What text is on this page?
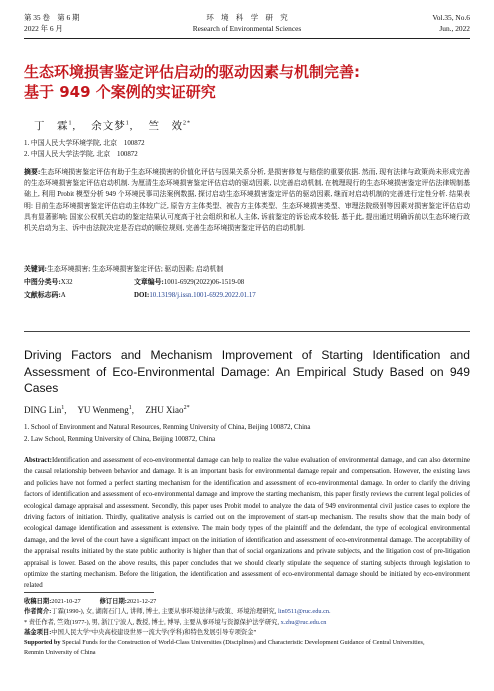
第 35 卷　第 6 期
2022 年 6 月
环　境　科　学　研　究
Research of Environmental Sciences
Vol.35, No.6
Jun., 2022
生态环境损害鉴定评估启动的驱动因素与机制完善:
基于 949 个案例的实证研究
丁　霖$^1$,　 余文梦$^1$,　 竺　效$^{2*}$
1. 中国人民大学环境学院, 北京　100872
2. 中国人民大学法学院, 北京　100872
摘要:生态环境损害鉴定评估有助于生态环境损害的价值化评估与因果关系分析, 是损害修复与赔偿的重要依据. 然而, 现有法律与政策尚未形成完善的生态环境损害鉴定评估启动机制. 为厘清生态环境损害鉴定评估启动的驱动因素, 以完善启动机制, 在梳理现行的生态环境损害鉴定评估法律规制基础上, 利用 Probit 模型分析 949 个环境民事司法案例数据, 探讨启动生态环境损害鉴定评估的驱动因素, 继而对启动机制的完善进行定性分析. 结果表明: 目前生态环境损害鉴定评估启动主体较广泛, 原告方主体类型、被告方主体类型、生态环境损害类型、审理法院级别等因素对损害鉴定评估启动具有显著影响; 国家公权机关启动的鉴定结果认可度高于社会组织和私人主体, 诉前鉴定的诉讼成本较低. 基于此, 提出通过明确诉前以生态环境行政机关启动为主、诉中由法院决定是否启动的顺位规则, 完善生态环境损害鉴定评估的启动机制.
关键词:生态环境损害; 生态环境损害鉴定评估; 驱动因素; 启动机制
中图分类号:X32	文章编号:1001-6929(2022)06-1519-08
文献标志码:A	DOI:10.13198/j.issn.1001-6929.2022.01.17
Driving Factors and Mechanism Improvement of Starting Identification and Assessment of Eco-Environmental Damage: An Empirical Study Based on 949 Cases
DING Lin$^1$,　 YU Wenmeng$^1$,　 ZHU Xiao$^{2*}$
1. School of Environment and Natural Resources, Renming University of China, Beijing 100872, China
2. Law School, Renming University of China, Beijing 100872, China
Abstract:Identification and assessment of eco-environmental damage can help to realize the value evaluation of environmental damage, and can also determine the causal relationship between behavior and damage. It is an important basis for environmental damage repair and compensation. However, the existing laws and policies have not formed a perfect starting mechanism for the identification and assessment of eco-environmental damage. In order to clarify the driving factors of identification and assessment of eco-environmental damage and improve the starting mechanism, this paper firstly reviews the current legal policies of ecological damage appraisal and assessment. Secondly, this paper uses Probit model to analyze the data of 949 environmental civil justice cases to explore the driving factors of initiation. Thirdly, qualitative analysis is carried out on the improvement of start-up mechanism. The results show that the main body of ecological damage identification and assessment is extensive. The main body types of the plaintiff and the defendant, the type of ecological environmental damage, and the level of the court have a significant impact on the initiation of identification and assessment of eco-environmental damage. The acceptability of the appraisal results initiated by the state public authority is higher than that of social organizations and private subjects, and the litigation cost of pre-litigation appraisal is lower. Based on the above results, this paper concludes that we should clearly stipulate the sequence of starting subjects through legislation to optimize the starting mechanism. Before the litigation, the identification and assessment of eco-environmental damage should be initiated by eco-environment related
收稿日期:2021-10-27　　　	修订日期:2021-12-27
作者简介:丁霖(1990-), 女, 湖南石门人, 讲师, 博士, 主要从事环境法律与政策、环境治理研究, lin0511@ruc.edu.cn.
* 责任作者, 竺效(1977-), 男, 浙江宁波人, 教授, 博士, 博导, 主要从事环境与资源保护法学研究, x.zhu@ruc.edu.cn
基金项目:中国人民大学“中央高校建设世界一流大学(学科)和特色发展引导专项资金”
Supported by Special Funds for the Construction of World-Class Universities (Disciplines) and Characteristic Development Guidance of Central Universities,
Renmin University of China
